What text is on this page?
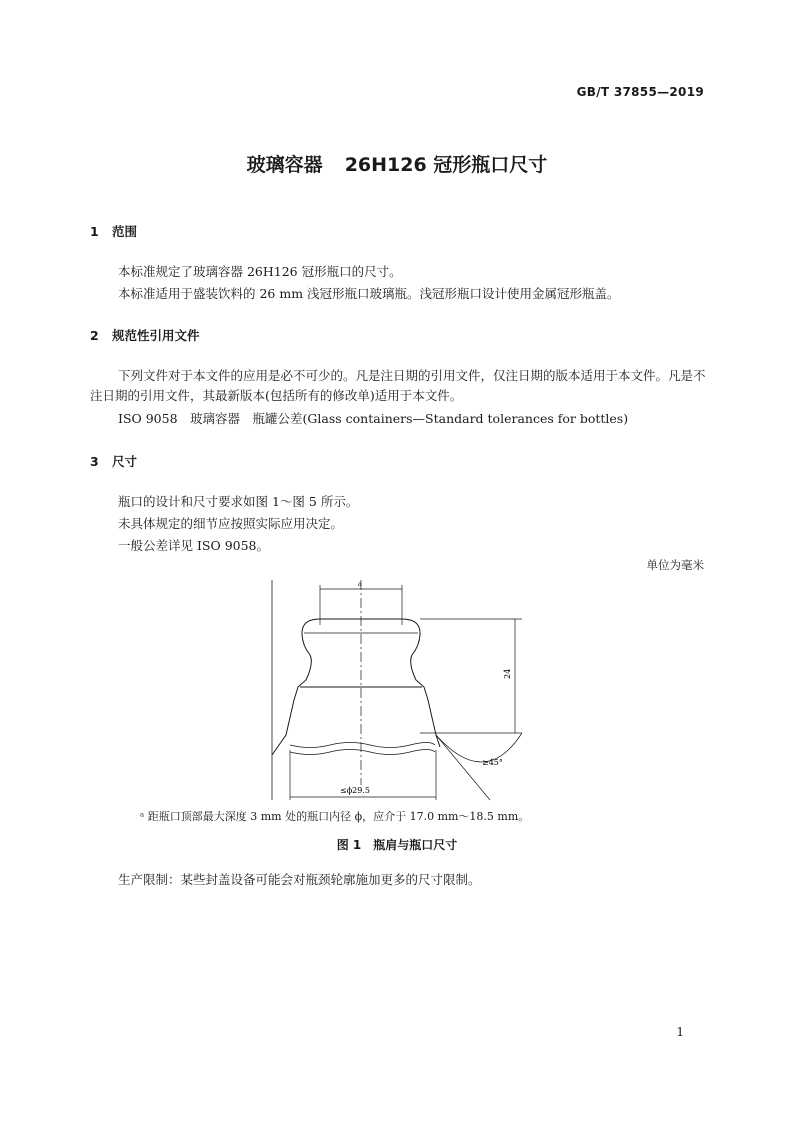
GB/T 37855—2019
玻璃容器 26H126 冠形瓶口尺寸
1 范围
本标准规定了玻璃容器 26H126 冠形瓶口的尺寸。
本标准适用于盛装饮料的 26 mm 浅冠形瓶口玻璃瓶。浅冠形瓶口设计使用金属冠形瓶盖。
2 规范性引用文件
下列文件对于本文件的应用是必不可少的。凡是注日期的引用文件，仅注日期的版本适用于本文件。凡是不注日期的引用文件，其最新版本(包括所有的修改单)适用于本文件。
ISO 9058　玻璃容器　瓶罐公差(Glass containers—Standard tolerances for bottles)
3 尺寸
瓶口的设计和尺寸要求如图 1～图 5 所示。
未具体规定的细节应按照实际应用决定。
一般公差详见 ISO 9058。
单位为毫米
a
24
≥45°
≤ϕ29.5
ᵃ 距瓶口顶部最大深度 3 mm 处的瓶口内径 ϕ，应介于 17.0 mm～18.5 mm。
图 1　瓶肩与瓶口尺寸
生产限制：某些封盖设备可能会对瓶颈轮廓施加更多的尺寸限制。
1
